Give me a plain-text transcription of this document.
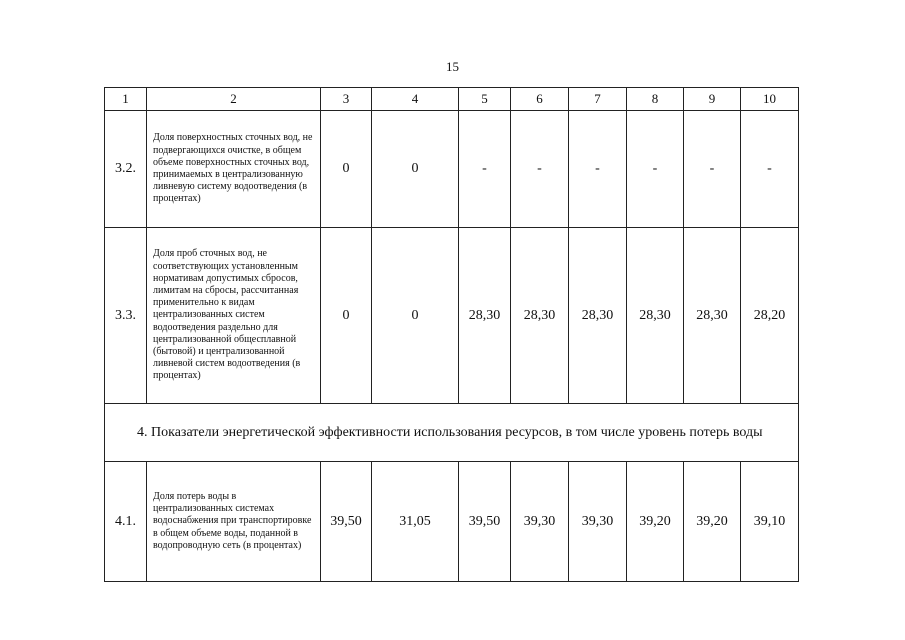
15
1	2	3	4	5	6	7	8	9	10
3.2.	Доля поверхностных сточных вод, не подвергающихся очистке, в общем объеме поверхностных сточных вод, принимаемых в централизованную ливневую систему водоотведения (в процентах)	0	0	-	-	-	-	-	-
3.3.	Доля проб сточных вод, не соответствующих установленным нормативам допустимых сбросов, лимитам на сбросы, рассчитанная применительно к видам централизованных систем водоотведения раздельно для централизованной общесплавной (бытовой) и централизованной ливневой систем водоотведения (в процентах)	0	0	28,30	28,30	28,30	28,30	28,30	28,20
4. Показатели энергетической эффективности использования ресурсов, в том числе уровень потерь воды									
4.1.	Доля потерь воды в централизованных системах водоснабжения при транспортировке в общем объеме воды, поданной в водопроводную сеть (в процентах)	39,50	31,05	39,50	39,30	39,30	39,20	39,20	39,10
